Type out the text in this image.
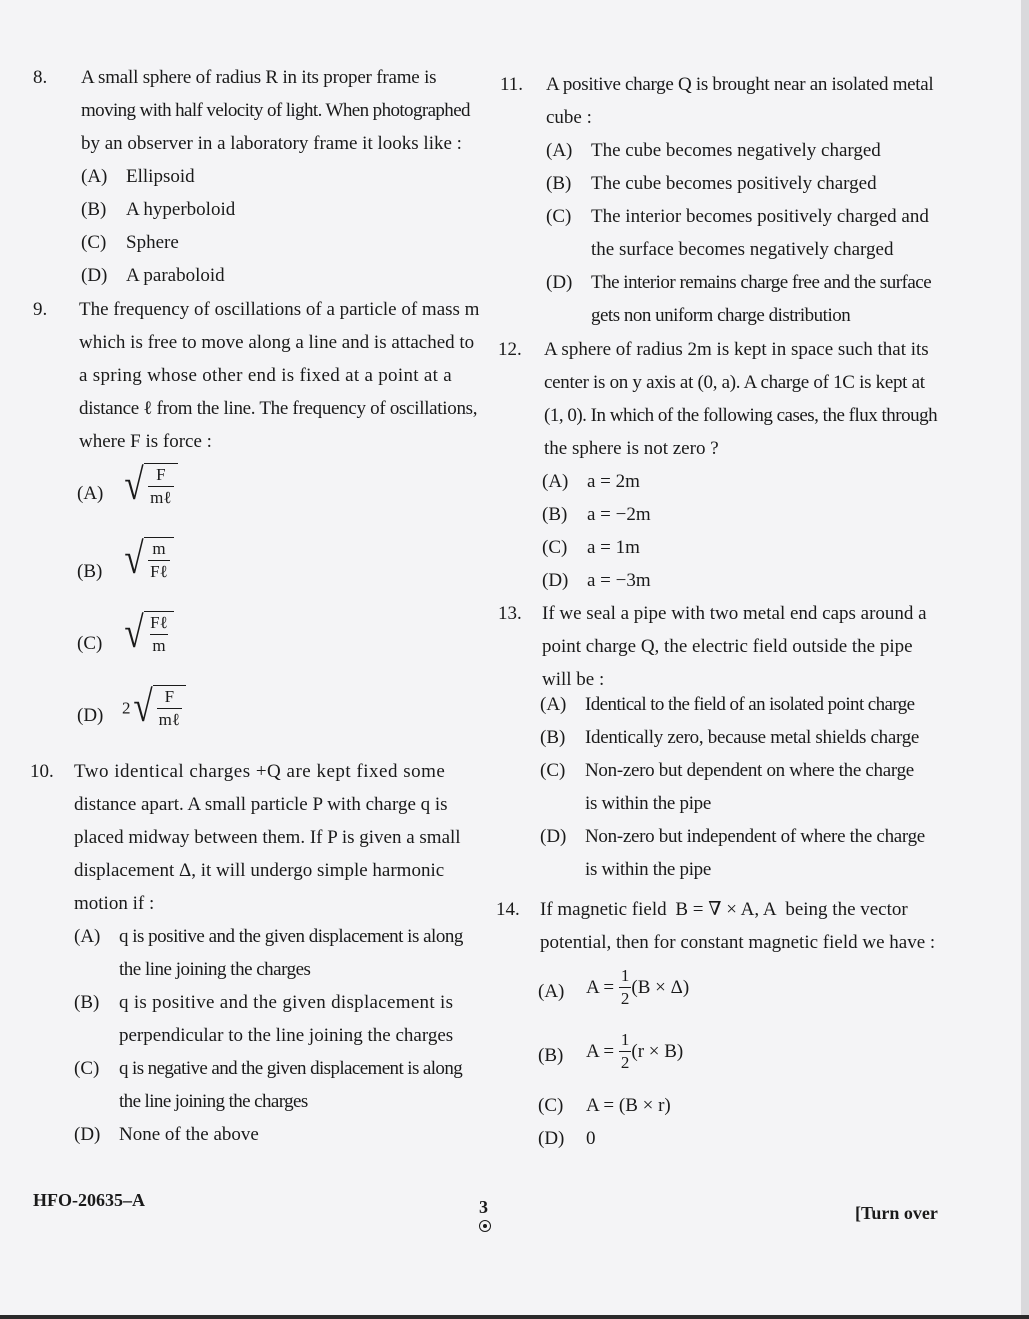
8. A small sphere of radius R in its proper frame is
moving with half velocity of light. When photographed
by an observer in a laboratory frame it looks like :
(A) Ellipsoid
(B) A hyperboloid
(C) Sphere
(D) A paraboloid
9. The frequency of oscillations of a particle of mass m
which is free to move along a line and is attached to
a spring whose other end is fixed at a point at a
distance ℓ from the line. The frequency of oscillations,
where F is force :
(A) √ $\frac{F}{\text{mℓ}}$
(B) √ $\frac{m}{\text{Fℓ}}$
(C) √ $\frac{\text{Fℓ}}{m}$
(D) 2 √ $\frac{F}{\text{mℓ}}$
10. Two identical charges +Q are kept fixed some
distance apart. A small particle P with charge q is
placed midway between them. If P is given a small
displacement Δ, it will undergo simple harmonic
motion if :
(A) q is positive and the given displacement is along
the line joining the charges
(B) q is positive and the given displacement is
perpendicular to the line joining the charges
(C) q is negative and the given displacement is along
the line joining the charges
(D) None of the above
11. A positive charge Q is brought near an isolated metal
cube :
(A) The cube becomes negatively charged
(B) The cube becomes positively charged
(C) The interior becomes positively charged and
the surface becomes negatively charged
(D) The interior remains charge free and the surface
gets non uniform charge distribution
12. A sphere of radius 2m is kept in space such that its
center is on y axis at (0, a). A charge of 1C is kept at
(1, 0). In which of the following cases, the flux through
the sphere is not zero ?
(A) a = 2m
(B) a = −2m
(C) a = 1m
(D) a = −3m
13. If we seal a pipe with two metal end caps around a
point charge Q, the electric field outside the pipe
will be :
(A) Identical to the field of an isolated point charge
(B) Identically zero, because metal shields charge
(C) Non-zero but dependent on where the charge
is within the pipe
(D) Non-zero but independent of where the charge
is within the pipe
14. If magnetic field B = ∇ × A, A being the vector
potential, then for constant magnetic field we have :
(A) $A = \frac{1}{2} (B \times \Delta)$
(B) $A = \frac{1}{2} (r \times B)$
(C) A = (B × r)
(D) 0
HFO-20635–A	3	[Turn over
